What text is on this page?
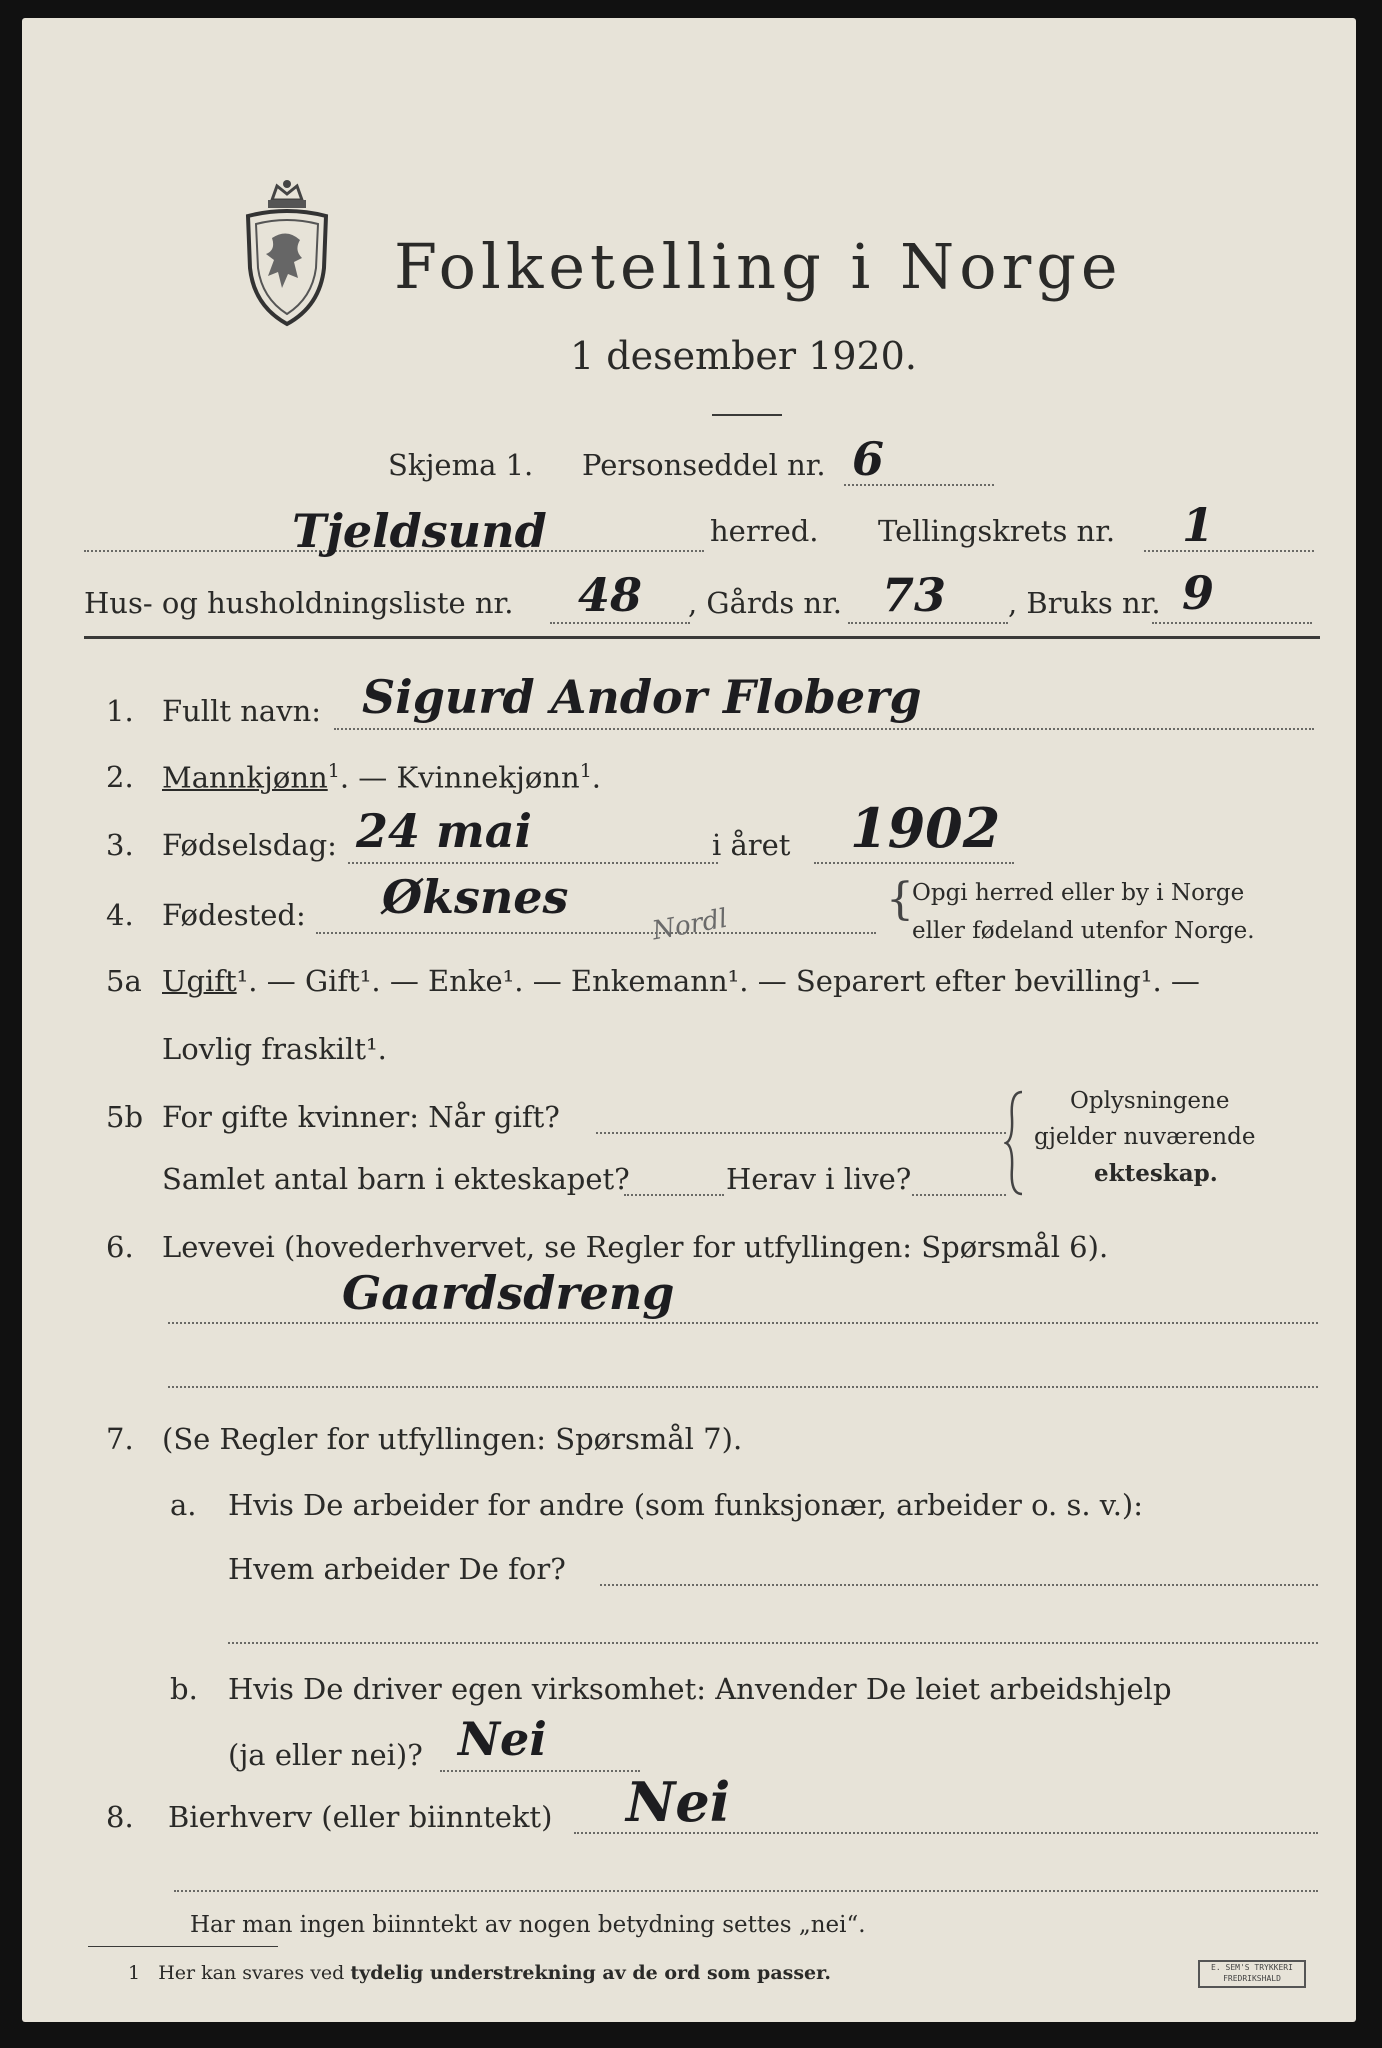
Folketelling i Norge
1 desember 1920.
Skjema 1. Personseddel nr. 6
Tjeldsund	herred. Tellingskrets nr. 1
Hus- og husholdningsliste nr. 48 , Gårds nr. 73 , Bruks nr. 9
1. Fullt navn: Sigurd Andor Floberg
2. Mannkjønn$^1$. — Kvinnekjønn$^1$.
3. Fødselsdag: 24 mai	i året 1902
4. Fødested: Øksnes
Nordl	{
Opgi herred eller by i Norge
eller fødeland utenfor Norge.
5a Ugift¹. — Gift¹. — Enke¹. — Enkemann¹. — Separert efter bevilling¹. —
Lovlig fraskilt¹.
5b For gifte kvinner: Når gift?
Samlet antal barn i ekteskapet?	Herav i live?
Oplysningene
gjelder nuværende
ekteskap.
6. Levevei (hovederhvervet, se Regler for utfyllingen: Spørsmål 6).
Gaardsdreng
7. (Se Regler for utfyllingen: Spørsmål 7).
a. Hvis De arbeider for andre (som funksjonær, arbeider o. s. v.):
Hvem arbeider De for?
b. Hvis De driver egen virksomhet: Anvender De leiet arbeidshjelp
(ja eller nei)? Nei
8. Bierhverv (eller biinntekt) Nei
Har man ingen biinntekt av nogen betydning settes „nei“.
1 Her kan svares ved tydelig understrekning av de ord som passer.	E. SEM'S TRYKKERI
FREDRIKSHALD
